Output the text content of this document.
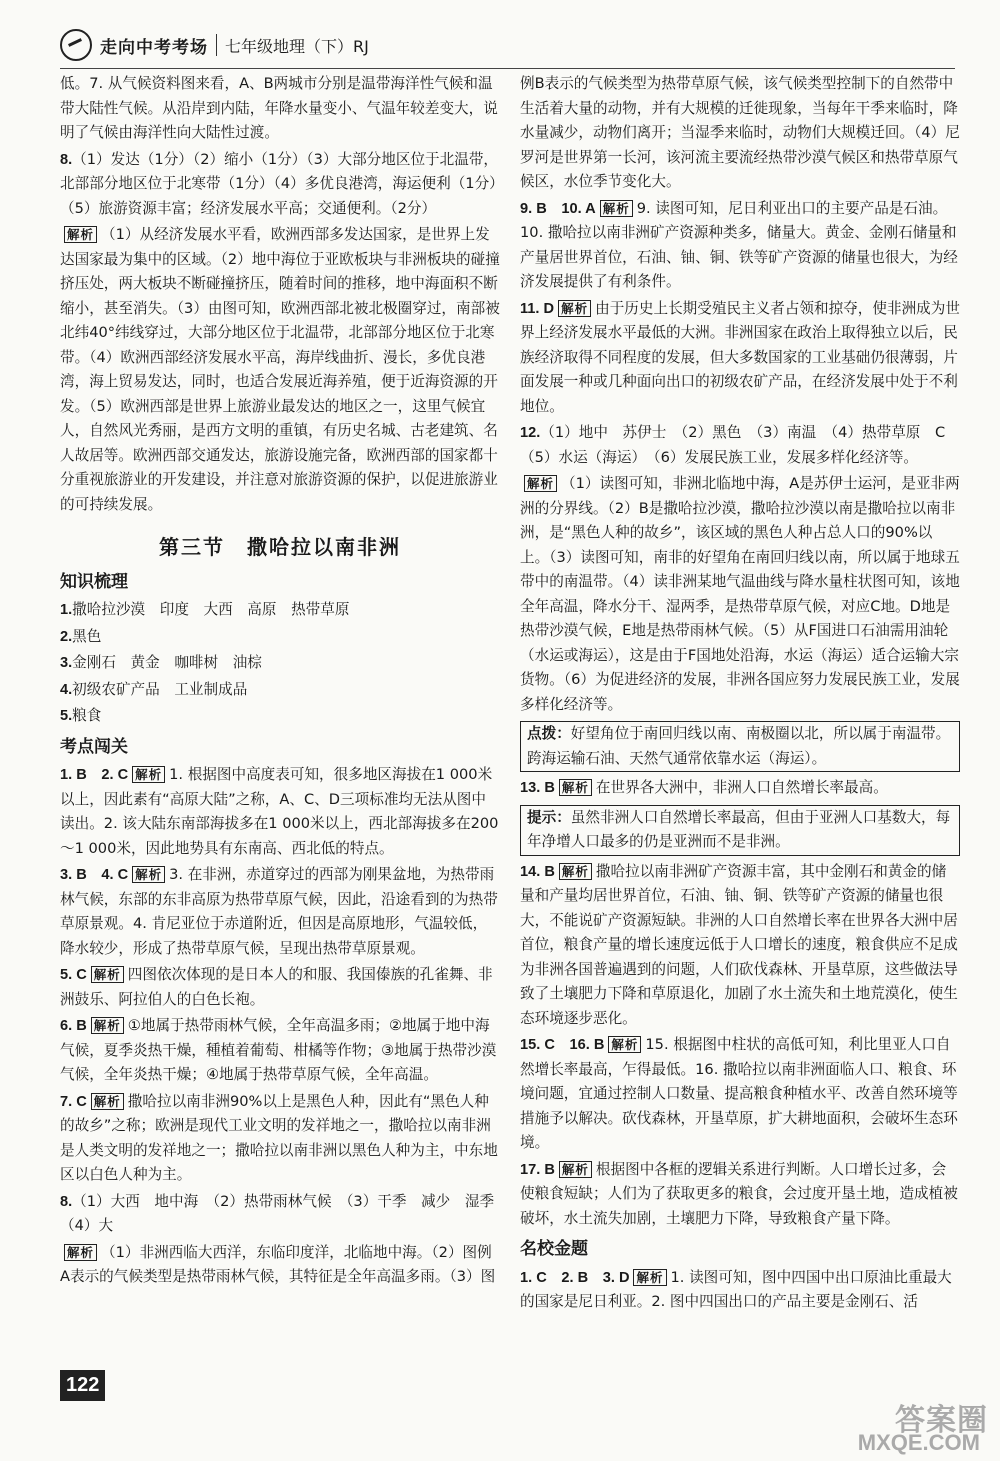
走向中考考场 七年级地理（下）RJ

低。7. 从气候资料图来看，A、B两城市分别是温带海洋性气候和温带大陆性气候。从沿岸到内陆，年降水量变小、气温年较差变大，说明了气候由海洋性向大陆性过渡。

8.（1）发达（1分）（2）缩小（1分）（3）大部分地区位于北温带，北部部分地区位于北寒带（1分）（4）多优良港湾，海运便利（1分）（5）旅游资源丰富；经济发展水平高；交通便利。（2分）

解析 （1）从经济发展水平看，欧洲西部多发达国家，是世界上发达国家最为集中的区域。（2）地中海位于亚欧板块与非洲板块的碰撞挤压处，两大板块不断碰撞挤压，随着时间的推移，地中海面积不断缩小，甚至消失。（3）由图可知，欧洲西部北被北极圈穿过，南部被北纬40°纬线穿过，大部分地区位于北温带，北部部分地区位于北寒带。（4）欧洲西部经济发展水平高，海岸线曲折、漫长，多优良港湾，海上贸易发达，同时，也适合发展近海养殖，便于近海资源的开发。（5）欧洲西部是世界上旅游业最发达的地区之一，这里气候宜人，自然风光秀丽，是西方文明的重镇，有历史名城、古老建筑、名人故居等。欧洲西部交通发达，旅游设施完备，欧洲西部的国家都十分重视旅游业的开发建设，并注意对旅游资源的保护，以促进旅游业的可持续发展。

第三节　撒哈拉以南非洲
知识梳理

1.撒哈拉沙漠　印度　大西　高原　热带草原

2.黑色

3.金刚石　黄金　咖啡树　油棕

4.初级农矿产品　工业制成品

5.粮食

考点闯关

1. B　2. C 解析 1. 根据图中高度表可知，很多地区海拔在1 000米以上，因此素有“高原大陆”之称，A、C、D三项标准均无法从图中读出。2. 该大陆东南部海拔多在1 000米以上，西北部海拔多在200～1 000米，因此地势具有东南高、西北低的特点。

3. B　4. C 解析 3. 在非洲，赤道穿过的西部为刚果盆地，为热带雨林气候，东部的东非高原为热带草原气候，因此，沿途看到的为热带草原景观。4. 肯尼亚位于赤道附近，但因是高原地形，气温较低，降水较少，形成了热带草原气候，呈现出热带草原景观。

5. C 解析 四图依次体现的是日本人的和服、我国傣族的孔雀舞、非洲鼓乐、阿拉伯人的白色长袍。

6. B 解析 ①地属于热带雨林气候，全年高温多雨；②地属于地中海气候，夏季炎热干燥，種植着葡萄、柑橘等作物；③地属于热带沙漠气候，全年炎热干燥；④地属于热带草原气候，全年高温。

7. C 解析 撒哈拉以南非洲90%以上是黑色人种，因此有“黑色人种的故乡”之称；欧洲是现代工业文明的发祥地之一，撒哈拉以南非洲是人类文明的发祥地之一；撒哈拉以南非洲以黑色人种为主，中东地区以白色人种为主。

8.（1）大西　地中海　（2）热带雨林气候　（3）干季　减少　湿季　（4）大

解析 （1）非洲西临大西洋，东临印度洋，北临地中海。（2）图例A表示的气候类型是热带雨林气候，其特征是全年高温多雨。（3）图

例B表示的气候类型为热带草原气候，该气候类型控制下的自然带中生活着大量的动物，并有大规模的迁徙现象，当每年干季来临时，降水量减少，动物们离开；当湿季来临时，动物们大规模迁回。（4）尼罗河是世界第一长河，该河流主要流经热带沙漠气候区和热带草原气候区，水位季节变化大。

9. B　10. A 解析 9. 读图可知，尼日利亚出口的主要产品是石油。10. 撒哈拉以南非洲矿产资源种类多，储量大。黄金、金刚石储量和产量居世界首位，石油、铀、铜、铁等矿产资源的储量也很大，为经济发展提供了有利条件。

11. D 解析 由于历史上长期受殖民主义者占领和掠夺，使非洲成为世界上经济发展水平最低的大洲。非洲国家在政治上取得独立以后，民族经济取得不同程度的发展，但大多数国家的工业基础仍很薄弱，片面发展一种或几种面向出口的初级农矿产品，在经济发展中处于不利地位。

12.（1）地中　苏伊士　（2）黑色　（3）南温　（4）热带草原　C　（5）水运（海运）　（6）发展民族工业，发展多样化经济等。

解析 （1）读图可知，非洲北临地中海，A是苏伊士运河，是亚非两洲的分界线。（2）B是撒哈拉沙漠，撒哈拉沙漠以南是撒哈拉以南非洲，是“黑色人种的故乡”，该区域的黑色人种占总人口的90%以上。（3）读图可知，南非的好望角在南回归线以南，所以属于地球五带中的南温带。（4）读非洲某地气温曲线与降水量柱状图可知，该地全年高温，降水分干、湿两季，是热带草原气候，对应C地。D地是热带沙漠气候，E地是热带雨林气候。（5）从F国进口石油需用油轮（水运或海运），这是由于F国地处沿海，水运（海运）适合运输大宗货物。（6）为促进经济的发展，非洲各国应努力发展民族工业，发展多样化经济等。

点拨：好望角位于南回归线以南、南极圈以北，所以属于南温带。跨海运输石油、天然气通常依靠水运（海运）。

13. B 解析 在世界各大洲中，非洲人口自然增长率最高。

提示：虽然非洲人口自然增长率最高，但由于亚洲人口基数大，每年净增人口最多的仍是亚洲而不是非洲。

14. B 解析 撒哈拉以南非洲矿产资源丰富，其中金刚石和黄金的储量和产量均居世界首位，石油、铀、铜、铁等矿产资源的储量也很大，不能说矿产资源短缺。非洲的人口自然增长率在世界各大洲中居首位，粮食产量的增长速度远低于人口增长的速度，粮食供应不足成为非洲各国普遍遇到的问题，人们砍伐森林、开垦草原，这些做法导致了土壤肥力下降和草原退化，加剧了水土流失和土地荒漠化，使生态环境逐步恶化。

15. C　16. B 解析 15. 根据图中柱状的高低可知，利比里亚人口自然增长率最高，乍得最低。16. 撒哈拉以南非洲面临人口、粮食、环境问题，宜通过控制人口数量、提高粮食种植水平、改善自然环境等措施予以解决。砍伐森林，开垦草原，扩大耕地面积，会破坏生态环境。

17. B 解析 根据图中各框的逻辑关系进行判断。人口增长过多，会使粮食短缺；人们为了获取更多的粮食，会过度开垦土地，造成植被破坏，水土流失加剧，土壤肥力下降，导致粮食产量下降。

名校金题

1. C　2. B　3. D 解析 1. 读图可知，图中四国中出口原油比重最大的国家是尼日利亚。2. 图中四国出口的产品主要是金刚石、活

122
答案圈
MXQE.COM
